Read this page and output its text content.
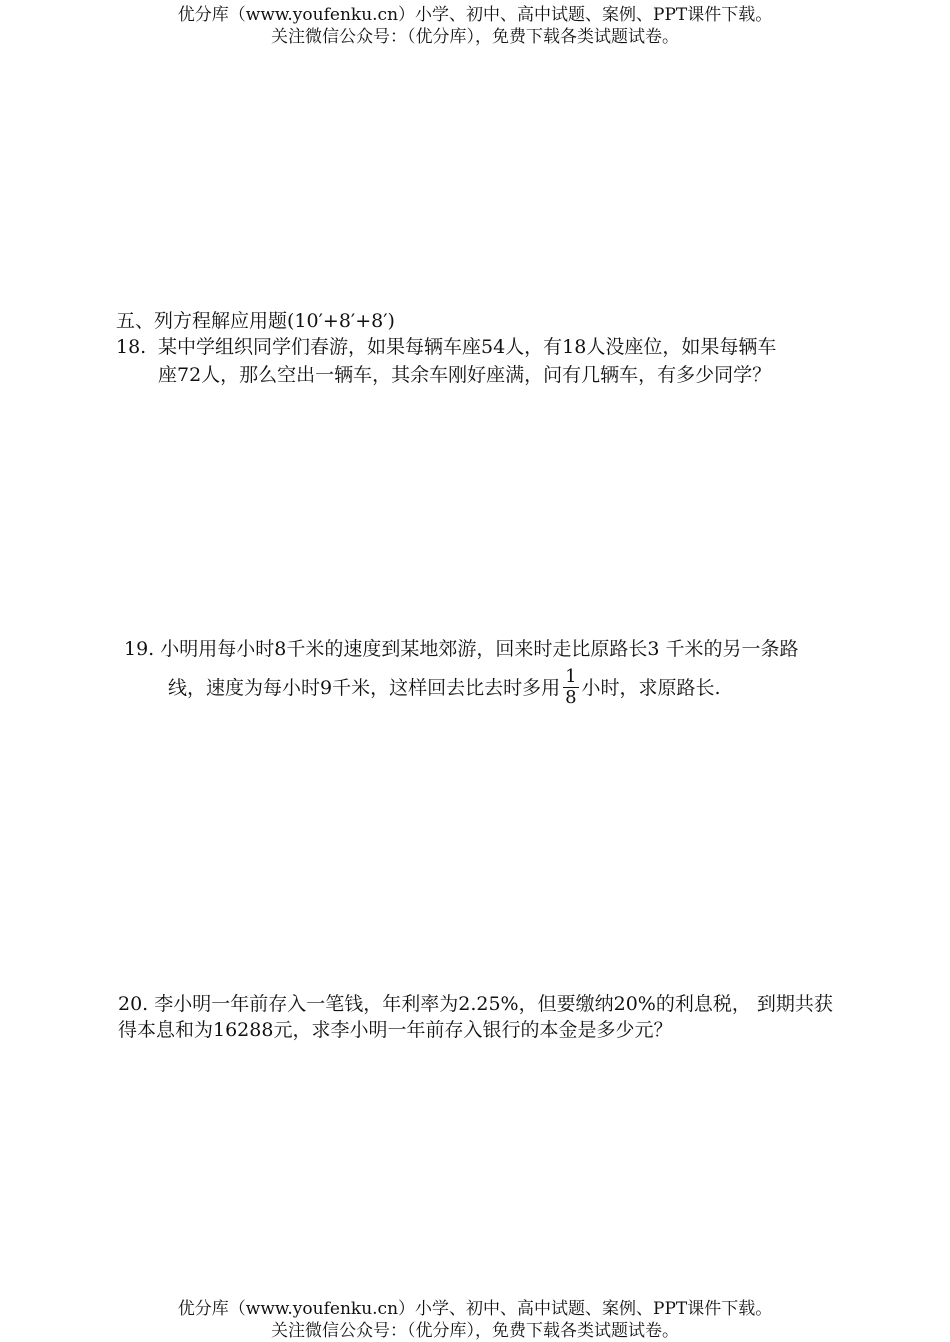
优分库（www.youfenku.cn）小学、初中、高中试题、案例、PPT课件下载。
关注微信公众号：（优分库），免费下载各类试题试卷。
五、列方程解应用题(10′+8′+8′)
18. 某中学组织同学们春游，如果每辆车座54人，有18人没座位，如果每辆车
座72人，那么空出一辆车，其余车刚好座满，问有几辆车，有多少同学？
19. 小明用每小时8千米的速度到某地郊游，回来时走比原路长3 千米的另一条路
线，速度为每小时9千米，这样回去比去时多用 $\frac{1}{8}$ 小时，求原路长.
20. 李小明一年前存入一笔钱，年利率为2.25%，但要缴纳20%的利息税， 到期共获
得本息和为16288元，求李小明一年前存入银行的本金是多少元？
优分库（www.youfenku.cn）小学、初中、高中试题、案例、PPT课件下载。
关注微信公众号：（优分库），免费下载各类试题试卷。
